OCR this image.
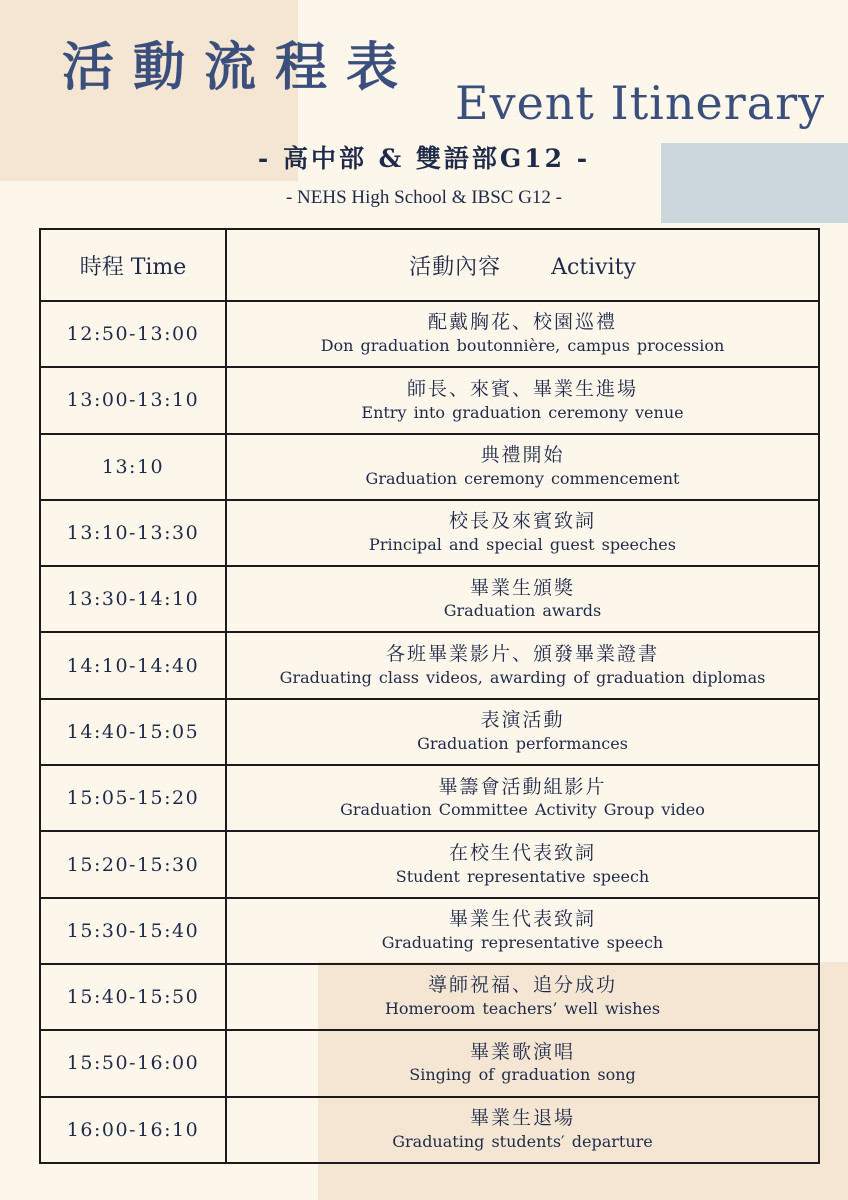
活動流程表
Event Itinerary
- 高中部 & 雙語部G12 -
- NEHS High School & IBSC G12 -
時程 Time	活動內容 Activity
12:50-13:00	配戴胸花、校園巡禮
Don graduation boutonnière, campus procession

13:00-13:10	師長、來賓、畢業生進場
Entry into graduation ceremony venue

13:10	典禮開始
Graduation ceremony commencement

13:10-13:30	校長及來賓致詞
Principal and special guest speeches

13:30-14:10	畢業生頒獎
Graduation awards

14:10-14:40	各班畢業影片、頒發畢業證書
Graduating class videos, awarding of graduation diplomas

14:40-15:05	表演活動
Graduation performances

15:05-15:20	畢籌會活動組影片
Graduation Committee Activity Group video

15:20-15:30	在校生代表致詞
Student representative speech

15:30-15:40	畢業生代表致詞
Graduating representative speech

15:40-15:50	導師祝福、追分成功
Homeroom teachers’ well wishes

15:50-16:00	畢業歌演唱
Singing of graduation song

16:00-16:10	畢業生退場
Graduating students′ departure
